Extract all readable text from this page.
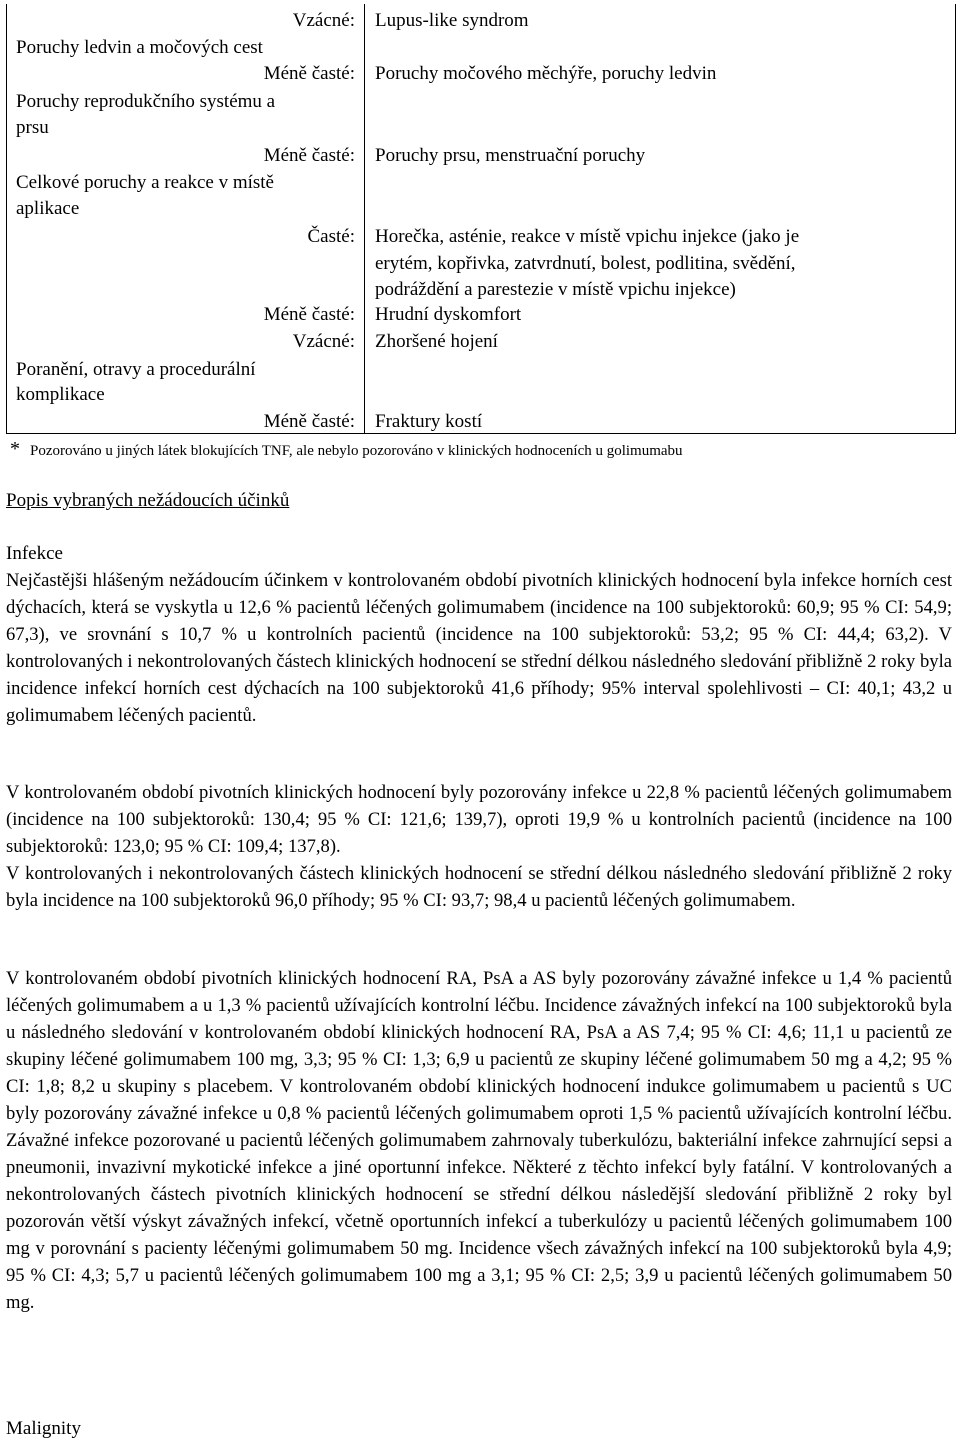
Vzácné: Lupus-like syndrom
Poruchy ledvin a močových cest
Méně časté: Poruchy močového měchýře, poruchy ledvin
Poruchy reprodukčního systému a
prsu
Méně časté: Poruchy prsu, menstruační poruchy
Celkové poruchy a reakce v místě
aplikace
Časté: Horečka, asténie, reakce v místě vpichu injekce (jako je
erytém, kopřivka, zatvrdnutí, bolest, podlitina, svědění,
podráždění a parestezie v místě vpichu injekce)
Méně časté: Hrudní dyskomfort
Vzácné: Zhoršené hojení
Poranění, otravy a procedurální
komplikace
Méně časté: Fraktury kostí
* Pozorováno u jiných látek blokujících TNF, ale nebylo pozorováno v klinických hodnoceních u golimumabu
Popis vybraných nežádoucích účinků
Infekce

Nejčastějši hlášeným nežádoucím účinkem v kontrolovaném období pivotních klinických hodnocení byla infekce horních cest dýchacích, která se vyskytla u 12,6 % pacientů léčených golimumabem (incidence na 100 subjektoroků: 60,9; 95 % CI: 54,9; 67,3), ve srovnání s 10,7 % u kontrolních pacientů (incidence na 100 subjektoroků: 53,2; 95 % CI: 44,4; 63,2). V kontrolovaných i nekontrolovaných částech klinických hodnocení se střední délkou následného sledování přibližně 2 roky byla incidence infekcí horních cest dýchacích na 100 subjektoroků 41,6 příhody; 95% interval spolehlivosti – CI: 40,1; 43,2 u golimumabem léčených pacientů.

V kontrolovaném období pivotních klinických hodnocení byly pozorovány infekce u 22,8 % pacientů léčených golimumabem (incidence na 100 subjektoroků: 130,4; 95 % CI: 121,6; 139,7), oproti 19,9 % u kontrolních pacientů (incidence na 100 subjektoroků: 123,0; 95 % CI: 109,4; 137,8).

V kontrolovaných i nekontrolovaných částech klinických hodnocení se střední délkou následného sledování přibližně 2 roky byla incidence na 100 subjektoroků 96,0 příhody; 95 % CI: 93,7; 98,4 u pacientů léčených golimumabem.

V kontrolovaném období pivotních klinických hodnocení RA, PsA a AS byly pozorovány závažné infekce u 1,4 % pacientů léčených golimumabem a u 1,3 % pacientů užívajících kontrolní léčbu. Incidence závažných infekcí na 100 subjektoroků byla u následného sledování v kontrolovaném období klinických hodnocení RA, PsA a AS 7,4; 95 % CI: 4,6; 11,1 u pacientů ze skupiny léčené golimumabem 100 mg, 3,3; 95 % CI: 1,3; 6,9 u pacientů ze skupiny léčené golimumabem 50 mg a 4,2; 95 % CI: 1,8; 8,2 u skupiny s placebem. V kontrolovaném období klinických hodnocení indukce golimumabem u pacientů s UC byly pozorovány závažné infekce u 0,8 % pacientů léčených golimumabem oproti 1,5 % pacientů užívajících kontrolní léčbu. Závažné infekce pozorované u pacientů léčených golimumabem zahrnovaly tuberkulózu, bakteriální infekce zahrnující sepsi a pneumonii, invazivní mykotické infekce a jiné oportunní infekce. Některé z těchto infekcí byly fatální. V kontrolovaných a nekontrolovaných částech pivotních klinických hodnocení se střední délkou následější sledování přibližně 2 roky byl pozorován větší výskyt závažných infekcí, včetně oportunních infekcí a tuberkulózy u pacientů léčených golimumabem 100 mg v porovnání s pacienty léčenými golimumabem 50 mg. Incidence všech závažných infekcí na 100 subjektoroků byla 4,9; 95 % CI: 4,3; 5,7 u pacientů léčených golimumabem 100 mg a 3,1; 95 % CI: 2,5; 3,9 u pacientů léčených golimumabem 50 mg.

Malignity
